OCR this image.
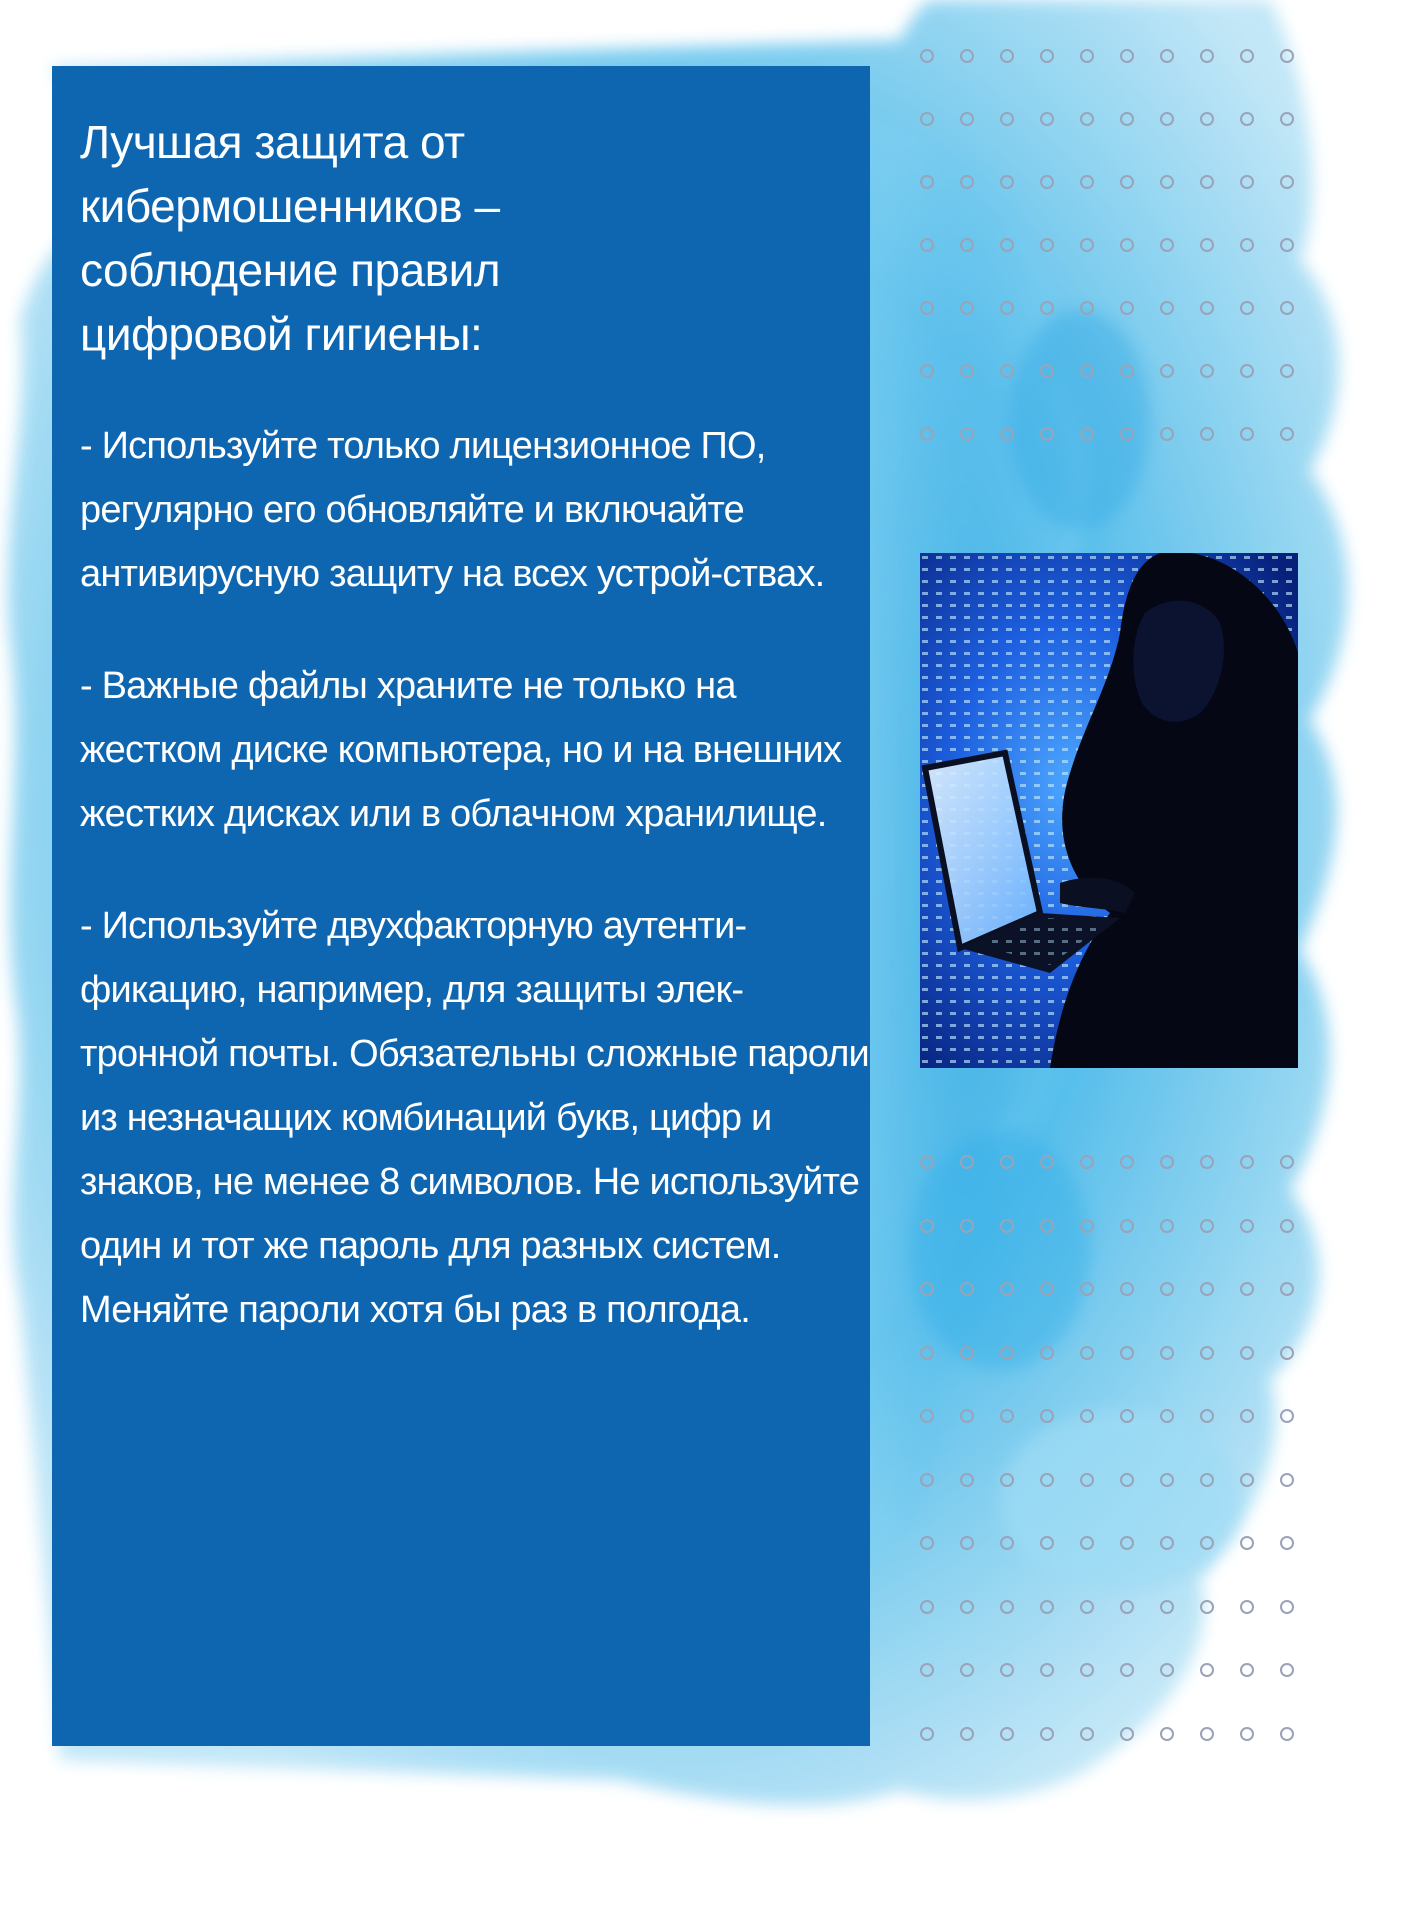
Лучшая защита от кибермошенников – соблюдение правил цифровой гигиены:

- Используйте только лицензионное ПО, регулярно его обновляйте и включайте антивирусную защиту на всех устрой-ствах.

- Важные файлы храните не только на жестком диске компьютера, но и на внешних жестких дисках или в облачном хранилище.

- Используйте двухфакторную аутенти-фикацию, например, для защиты элек-тронной почты. Обязательны сложные пароли из незначащих комбинаций букв, цифр и знаков, не менее 8 символов. Не используйте один и тот же пароль для разных систем. Меняйте пароли хотя бы раз в полгода.
